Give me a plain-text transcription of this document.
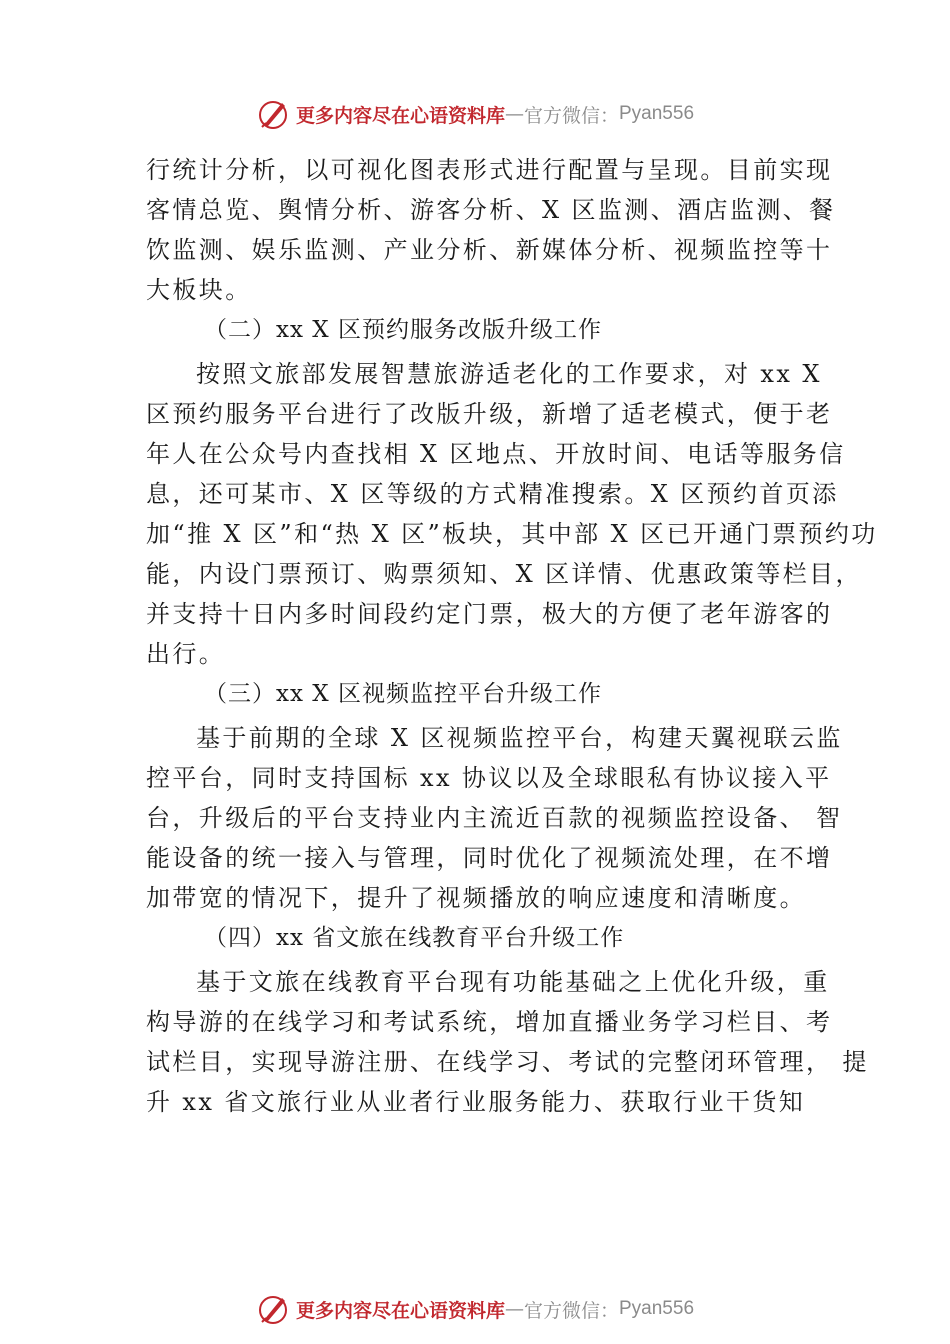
更多内容尽在心语资料库 — 官方微信： Pyan556
行统计分析，以可视化图表形式进行配置与呈现。目前实现
客情总览、舆情分析、游客分析、X 区监测、酒店监测、餐
饮监测、娱乐监测、产业分析、新媒体分析、视频监控等十
大板块。
（二）xx X 区预约服务改版升级工作
按照文旅部发展智慧旅游适老化的工作要求，对 xx X
区预约服务平台进行了改版升级，新增了适老模式，便于老
年人在公众号内查找相 X 区地点、开放时间、电话等服务信
息，还可某市、X 区等级的方式精准搜索。X 区预约首页添
加“推 X 区”和“热 X 区”板块，其中部 X 区已开通门票预约功
能，内设门票预订、购票须知、X 区详情、优惠政策等栏目，
并支持十日内多时间段约定门票，极大的方便了老年游客的
出行。
（三）xx X 区视频监控平台升级工作
基于前期的全球 X 区视频监控平台，构建天翼视联云监
控平台，同时支持国标 xx 协议以及全球眼私有协议接入平
台，升级后的平台支持业内主流近百款的视频监控设备、 智
能设备的统一接入与管理，同时优化了视频流处理，在不增
加带宽的情况下，提升了视频播放的响应速度和清晰度。
（四）xx 省文旅在线教育平台升级工作
基于文旅在线教育平台现有功能基础之上优化升级，重
构导游的在线学习和考试系统，增加直播业务学习栏目、考
试栏目，实现导游注册、在线学习、考试的完整闭环管理， 提
升 xx 省文旅行业从业者行业服务能力、获取行业干货知
更多内容尽在心语资料库 — 官方微信： Pyan556
